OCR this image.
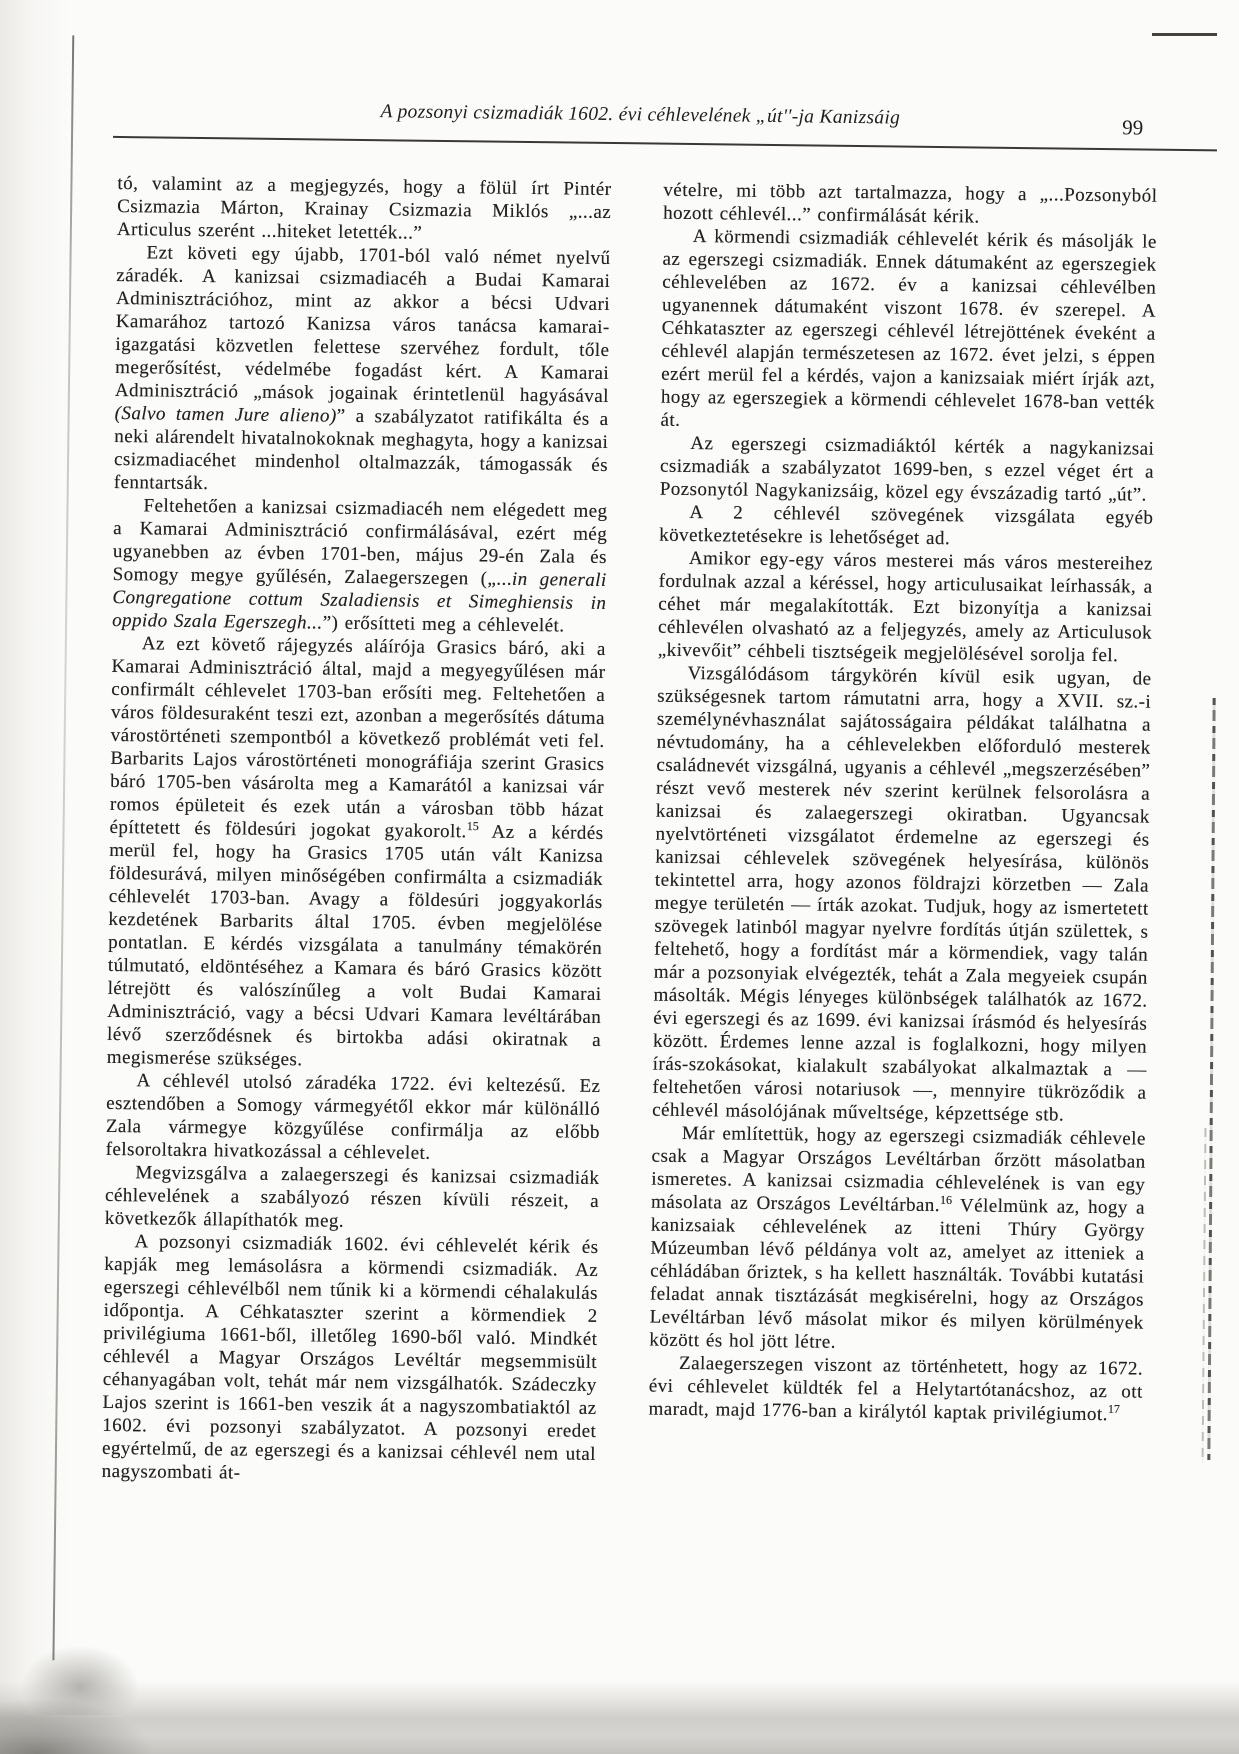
A pozsonyi csizmadiák 1602. évi céhlevelének „út''-ja Kanizsáig	99

tó, valamint az a megjegyzés, hogy a fölül írt Pintér Csizmazia Márton, Krainay Csizmazia Miklós „...az Articulus szerént ...hiteket letették...”

Ezt követi egy újabb, 1701-ból való német nyelvű záradék. A kanizsai csizmadiacéh a Budai Kamarai Adminisztrációhoz, mint az akkor a bécsi Udvari Kamarához tartozó Kanizsa város tanácsa kamarai-igazgatási közvetlen felettese szervéhez fordult, tőle megerősítést, védelmébe fogadást kért. A Kamarai Adminisztráció „mások jogainak érintetlenül hagyásával (Salvo tamen Jure alieno)” a szabályzatot ratifikálta és a neki alárendelt hivatalnokoknak meghagyta, hogy a kanizsai csizmadiacéhet mindenhol oltalmazzák, támogassák és fenntartsák.

Feltehetően a kanizsai csizmadiacéh nem elégedett meg a Kamarai Adminisztráció confirmálásával, ezért még ugyanebben az évben 1701-ben, május 29-én Zala és Somogy megye gyűlésén, Zalaegerszegen („...in generali Congregatione cottum Szaladiensis et Simeghiensis in oppido Szala Egerszegh...”) erősítteti meg a céhlevelét.

Az ezt követő rájegyzés aláírója Grasics báró, aki a Kamarai Adminisztráció által, majd a megyegyűlésen már confirmált céhlevelet 1703-ban erősíti meg. Feltehetően a város földesuraként teszi ezt, azonban a megerősítés dátuma várostörténeti szempontból a következő problémát veti fel. Barbarits Lajos várostörténeti monográfiája szerint Grasics báró 1705-ben vásárolta meg a Kamarától a kanizsai vár romos épületeit és ezek után a városban több házat építtetett és földesúri jogokat gyakorolt.$^{15}$ Az a kérdés merül fel, hogy ha Grasics 1705 után vált Kanizsa földesurává, milyen minőségében confirmálta a csizmadiák céhlevelét 1703-ban. Avagy a földesúri joggyakorlás kezdetének Barbarits által 1705. évben megjelölése pontatlan. E kérdés vizsgálata a tanulmány témakörén túlmutató, eldöntéséhez a Kamara és báró Grasics között létrejött és valószínűleg a volt Budai Kamarai Adminisztráció, vagy a bécsi Udvari Kamara levéltárában lévő szerződésnek és birtokba adási okiratnak a megismerése szükséges.

A céhlevél utolsó záradéka 1722. évi keltezésű. Ez esztendőben a Somogy vármegyétől ekkor már különálló Zala vármegye közgyűlése confirmálja az előbb felsoroltakra hivatkozással a céhlevelet.

Megvizsgálva a zalaegerszegi és kanizsai csizmadiák céhlevelének a szabályozó részen kívüli részeit, a következők állapíthatók meg.

A pozsonyi csizmadiák 1602. évi céhlevelét kérik és kapják meg lemásolásra a körmendi csizmadiák. Az egerszegi céhlevélből nem tűnik ki a körmendi céhalakulás időpontja. A Céhkataszter szerint a körmendiek 2 privilégiuma 1661-ből, illetőleg 1690-ből való. Mindkét céhlevél a Magyar Országos Levéltár megsemmisült céhanyagában volt, tehát már nem vizsgálhatók. Szádeczky Lajos szerint is 1661-ben veszik át a nagyszombatiaktól az 1602. évi pozsonyi szabályzatot. A pozsonyi eredet egyértelmű, de az egerszegi és a kanizsai céhlevél nem utal nagyszombati át-

vételre, mi több azt tartalmazza, hogy a „...Pozsonyból hozott céhlevél...” confirmálását kérik.

A körmendi csizmadiák céhlevelét kérik és másolják le az egerszegi csizmadiák. Ennek dátumaként az egerszegiek céhlevelében az 1672. év a kanizsai céhlevélben ugyanennek dátumaként viszont 1678. év szerepel. A Céhkataszter az egerszegi céhlevél létrejöttének éveként a céhlevél alapján természetesen az 1672. évet jelzi, s éppen ezért merül fel a kérdés, vajon a kanizsaiak miért írják azt, hogy az egerszegiek a körmendi céhlevelet 1678-ban vették át.

Az egerszegi csizmadiáktól kérték a nagykanizsai csizmadiák a szabályzatot 1699-ben, s ezzel véget ért a Pozsonytól Nagykanizsáig, közel egy évszázadig tartó „út”.

A 2 céhlevél szövegének vizsgálata egyéb következtetésekre is lehetőséget ad.

Amikor egy-egy város mesterei más város mestereihez fordulnak azzal a kéréssel, hogy articulusaikat leírhassák, a céhet már megalakították. Ezt bizonyítja a kanizsai céhlevélen olvasható az a feljegyzés, amely az Articulusok „kivevőit” céhbeli tisztségeik megjelölésével sorolja fel.

Vizsgálódásom tárgykörén kívül esik ugyan, de szükségesnek tartom rámutatni arra, hogy a XVII. sz.-i személynévhasználat sajátosságaira példákat találhatna a névtudomány, ha a céhlevelekben előforduló mesterek családnevét vizsgálná, ugyanis a céhlevél „megszerzésében” részt vevő mesterek név szerint kerülnek felsorolásra a kanizsai és zalaegerszegi okiratban. Ugyancsak nyelvtörténeti vizsgálatot érdemelne az egerszegi és kanizsai céhlevelek szövegének helyesírása, különös tekintettel arra, hogy azonos földrajzi körzetben — Zala megye területén — írták azokat. Tudjuk, hogy az ismertetett szövegek latinból magyar nyelvre fordítás útján születtek, s feltehető, hogy a fordítást már a körmendiek, vagy talán már a pozsonyiak elvégezték, tehát a Zala megyeiek csupán másolták. Mégis lényeges különbségek találhatók az 1672. évi egerszegi és az 1699. évi kanizsai írásmód és helyesírás között. Érdemes lenne azzal is foglalkozni, hogy milyen írás-szokásokat, kialakult szabályokat alkalmaztak a — feltehetően városi notariusok —, mennyire tükröződik a céhlevél másolójának műveltsége, képzettsége stb.

Már említettük, hogy az egerszegi csizmadiák céhlevele csak a Magyar Országos Levéltárban őrzött másolatban ismeretes. A kanizsai csizmadia céhlevelének is van egy másolata az Országos Levéltárban.$^{16}$ Vélelmünk az, hogy a kanizsaiak céhlevelének az itteni Thúry György Múzeumban lévő példánya volt az, amelyet az itteniek a céhládában őriztek, s ha kellett használták. További kutatási feladat annak tisztázását megkisérelni, hogy az Országos Levéltárban lévő másolat mikor és milyen körülmények között és hol jött létre.

Zalaegerszegen viszont az történhetett, hogy az 1672. évi céhlevelet küldték fel a Helytartótanácshoz, az ott maradt, majd 1776-ban a királytól kaptak privilégiumot.$^{17}$
